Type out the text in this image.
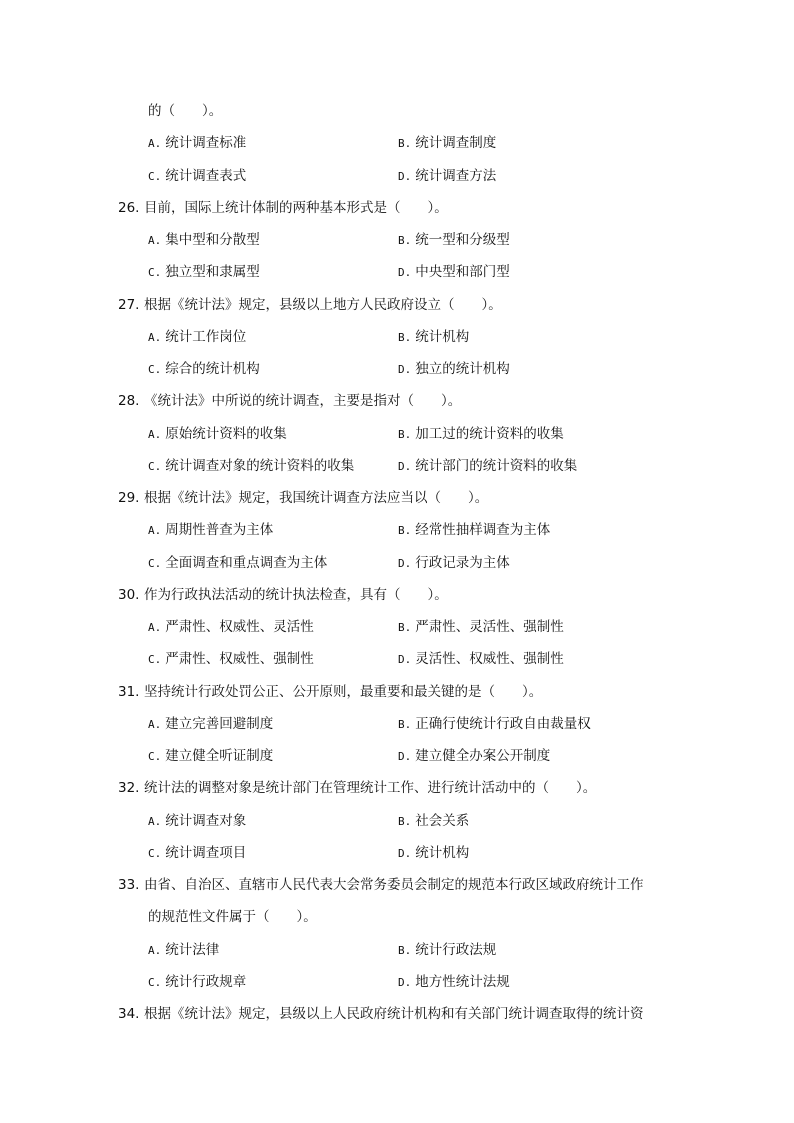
的（　　）。
A. 统计调查标准	B. 统计调查制度
C. 统计调查表式	D. 统计调查方法
26. 目前，国际上统计体制的两种基本形式是（　　）。
A. 集中型和分散型	B. 统一型和分级型
C. 独立型和隶属型	D. 中央型和部门型
27. 根据《统计法》规定，县级以上地方人民政府设立（　　）。
A. 统计工作岗位	B. 统计机构
C. 综合的统计机构	D. 独立的统计机构
28. 《统计法》中所说的统计调查，主要是指对（　　）。
A. 原始统计资料的收集	B. 加工过的统计资料的收集
C. 统计调查对象的统计资料的收集	D. 统计部门的统计资料的收集
29. 根据《统计法》规定，我国统计调查方法应当以（　　）。
A. 周期性普查为主体	B. 经常性抽样调查为主体
C. 全面调查和重点调查为主体	D. 行政记录为主体
30. 作为行政执法活动的统计执法检查，具有（　　）。
A. 严肃性、权威性、灵活性	B. 严肃性、灵活性、强制性
C. 严肃性、权威性、强制性	D. 灵活性、权威性、强制性
31. 坚持统计行政处罚公正、公开原则，最重要和最关键的是（　　）。
A. 建立完善回避制度	B. 正确行使统计行政自由裁量权
C. 建立健全听证制度	D. 建立健全办案公开制度
32. 统计法的调整对象是统计部门在管理统计工作、进行统计活动中的（　　）。
A. 统计调查对象	B. 社会关系
C. 统计调查项目	D. 统计机构
33. 由省、自治区、直辖市人民代表大会常务委员会制定的规范本行政区域政府统计工作
的规范性文件属于（　　）。
A. 统计法律	B. 统计行政法规
C. 统计行政规章	D. 地方性统计法规
34. 根据《统计法》规定，县级以上人民政府统计机构和有关部门统计调查取得的统计资
